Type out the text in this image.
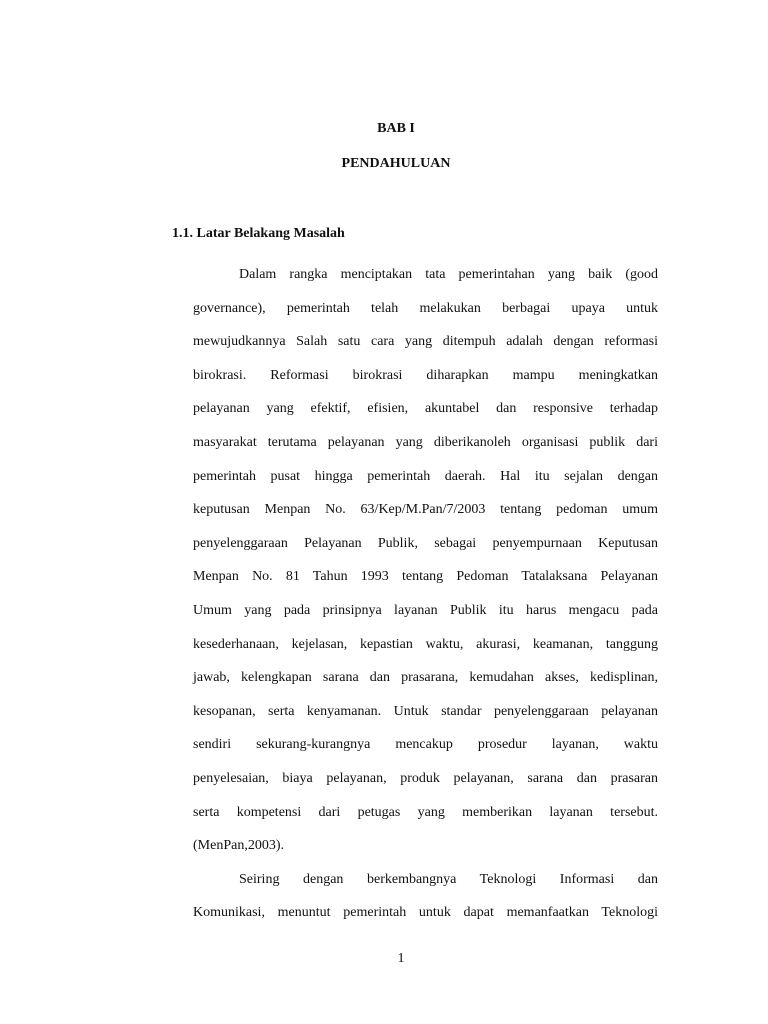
BAB I
PENDAHULUAN
1.1. Latar Belakang Masalah
Dalam rangka menciptakan tata pemerintahan yang baik (good
governance), pemerintah telah melakukan berbagai upaya untuk
mewujudkannya Salah satu cara yang ditempuh adalah dengan reformasi
birokrasi. Reformasi birokrasi diharapkan mampu meningkatkan
pelayanan yang efektif, efisien, akuntabel dan responsive terhadap
masyarakat terutama pelayanan yang diberikanoleh organisasi publik dari
pemerintah pusat hingga pemerintah daerah. Hal itu sejalan dengan
keputusan Menpan No. 63/Kep/M.Pan/7/2003 tentang pedoman umum
penyelenggaraan Pelayanan Publik, sebagai penyempurnaan Keputusan
Menpan No. 81 Tahun 1993 tentang Pedoman Tatalaksana Pelayanan
Umum yang pada prinsipnya layanan Publik itu harus mengacu pada
kesederhanaan, kejelasan, kepastian waktu, akurasi, keamanan, tanggung
jawab, kelengkapan sarana dan prasarana, kemudahan akses, kedisplinan,
kesopanan, serta kenyamanan. Untuk standar penyelenggaraan pelayanan
sendiri sekurang-kurangnya mencakup prosedur layanan, waktu
penyelesaian, biaya pelayanan, produk pelayanan, sarana dan prasaran
serta kompetensi dari petugas yang memberikan layanan tersebut.
(MenPan,2003).
Seiring dengan berkembangnya Teknologi Informasi dan
Komunikasi, menuntut pemerintah untuk dapat memanfaatkan Teknologi
1
